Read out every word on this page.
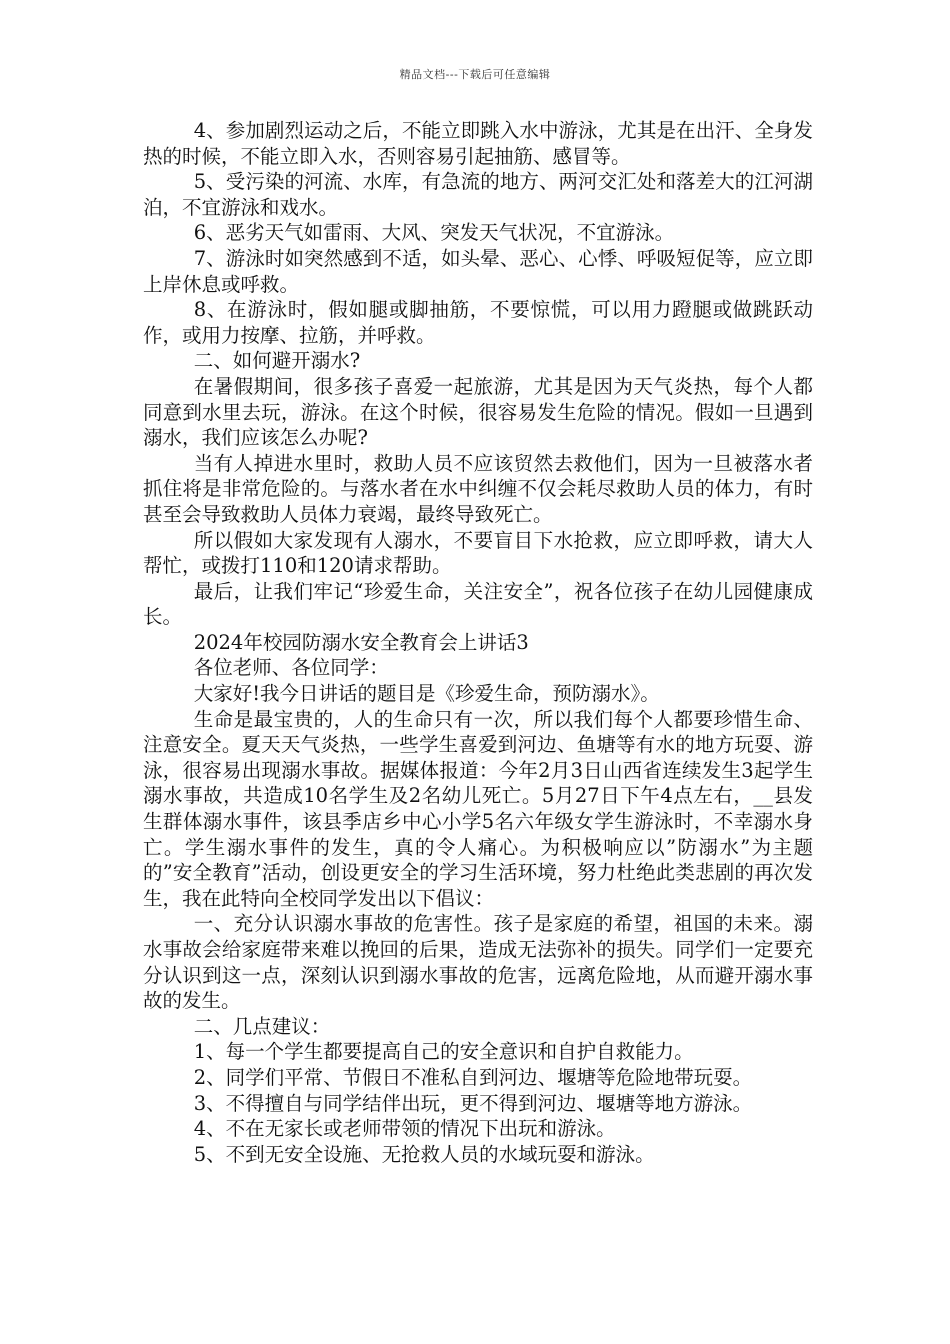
精品文档---下载后可任意编辑

4、参加剧烈运动之后，不能立即跳入水中游泳，尤其是在出汗、全身发热的时候，不能立即入水，否则容易引起抽筋、感冒等。

5、受污染的河流、水库，有急流的地方、两河交汇处和落差大的江河湖泊，不宜游泳和戏水。

6、恶劣天气如雷雨、大风、突发天气状况，不宜游泳。

7、游泳时如突然感到不适，如头晕、恶心、心悸、呼吸短促等，应立即上岸休息或呼救。

8、在游泳时，假如腿或脚抽筋，不要惊慌，可以用力蹬腿或做跳跃动作，或用力按摩、拉筋，并呼救。

二、如何避开溺水?

在暑假期间，很多孩子喜爱一起旅游，尤其是因为天气炎热，每个人都同意到水里去玩，游泳。在这个时候，很容易发生危险的情况。假如一旦遇到溺水，我们应该怎么办呢?

当有人掉进水里时，救助人员不应该贸然去救他们，因为一旦被落水者抓住将是非常危险的。与落水者在水中纠缠不仅会耗尽救助人员的体力，有时甚至会导致救助人员体力衰竭，最终导致死亡。

所以假如大家发现有人溺水，不要盲目下水抢救，应立即呼救，请大人帮忙，或拨打110和120请求帮助。

最后，让我们牢记“珍爱生命，关注安全”，祝各位孩子在幼儿园健康成长。

2024年校园防溺水安全教育会上讲话3

各位老师、各位同学：

大家好!我今日讲话的题目是《珍爱生命，预防溺水》。

生命是最宝贵的，人的生命只有一次，所以我们每个人都要珍惜生命、注意安全。夏天天气炎热，一些学生喜爱到河边、鱼塘等有水的地方玩耍、游泳，很容易出现溺水事故。据媒体报道：今年2月3日山西省连续发生3起学生溺水事故，共造成10名学生及2名幼儿死亡。5月27日下午4点左右，__县发生群体溺水事件，该县季店乡中心小学5名六年级女学生游泳时，不幸溺水身亡。学生溺水事件的发生，真的令人痛心。为积极响应以”防溺水”为主题的”安全教育”活动，创设更安全的学习生活环境，努力杜绝此类悲剧的再次发生，我在此特向全校同学发出以下倡议：

一、充分认识溺水事故的危害性。孩子是家庭的希望，祖国的未来。溺水事故会给家庭带来难以挽回的后果，造成无法弥补的损失。同学们一定要充分认识到这一点，深刻认识到溺水事故的危害，远离危险地，从而避开溺水事故的发生。

二、几点建议：

1、每一个学生都要提高自己的安全意识和自护自救能力。

2、同学们平常、节假日不准私自到河边、堰塘等危险地带玩耍。

3、不得擅自与同学结伴出玩，更不得到河边、堰塘等地方游泳。

4、不在无家长或老师带领的情况下出玩和游泳。

5、不到无安全设施、无抢救人员的水域玩耍和游泳。
